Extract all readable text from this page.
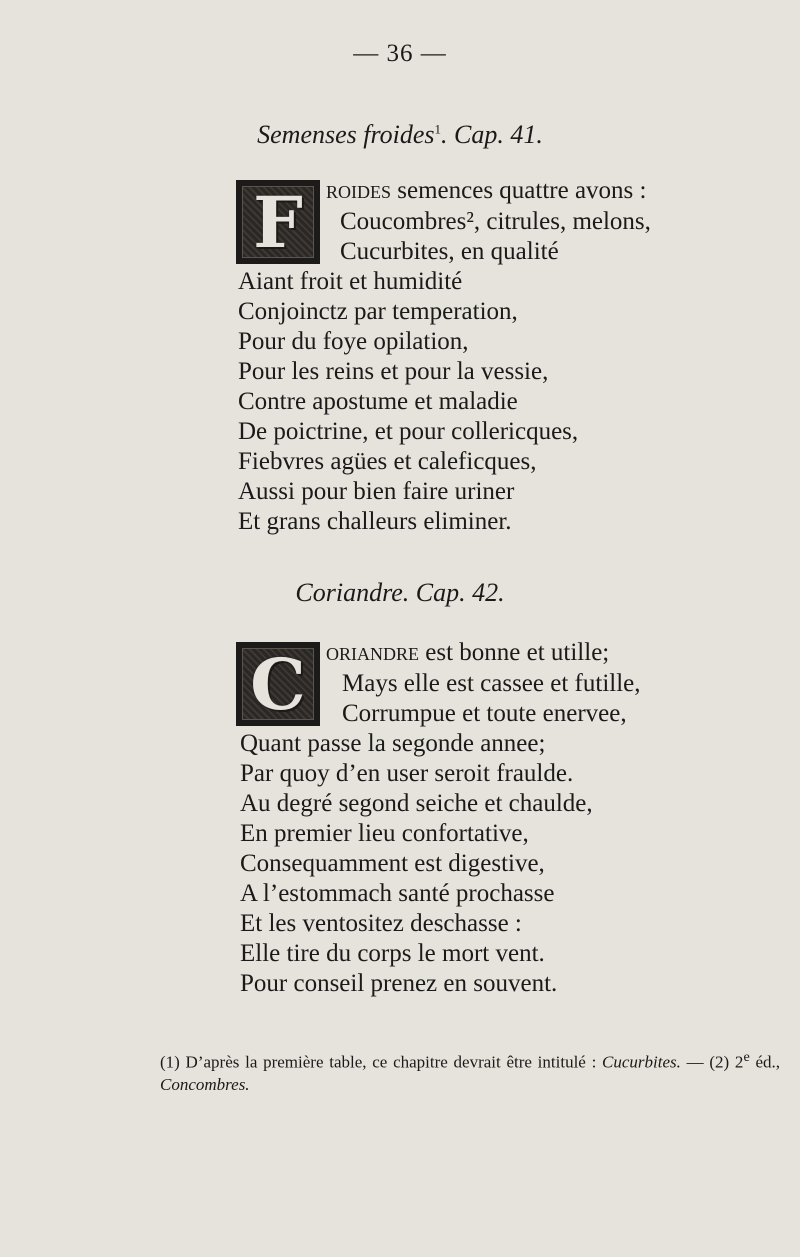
— 36 —
Semenses froides$^1$. Cap. 41.
F roides semences quattre avons :
Coucombres², citrules, melons,
Cucurbites, en qualité
Aiant froit et humidité
Conjoinctz par temperation,
Pour du foye opilation,
Pour les reins et pour la vessie,
Contre apostume et maladie
De poictrine, et pour collericques,
Fiebvres agües et caleficques,
Aussi pour bien faire uriner
Et grans challeurs eliminer.
Coriandre. Cap. 42.
C oriandre est bonne et utille;
Mays elle est cassee et futille,
Corrumpue et toute enervee,
Quant passe la segonde annee;
Par quoy d’en user seroit fraulde.
Au degré segond seiche et chaulde,
En premier lieu confortative,
Consequamment est digestive,
A l’estommach santé prochasse
Et les ventositez deschasse :
Elle tire du corps le mort vent.
Pour conseil prenez en souvent.
(1) D’après la première table, ce chapitre devrait être intitulé : Cucurbites. — (2) 2e éd., Concombres.
